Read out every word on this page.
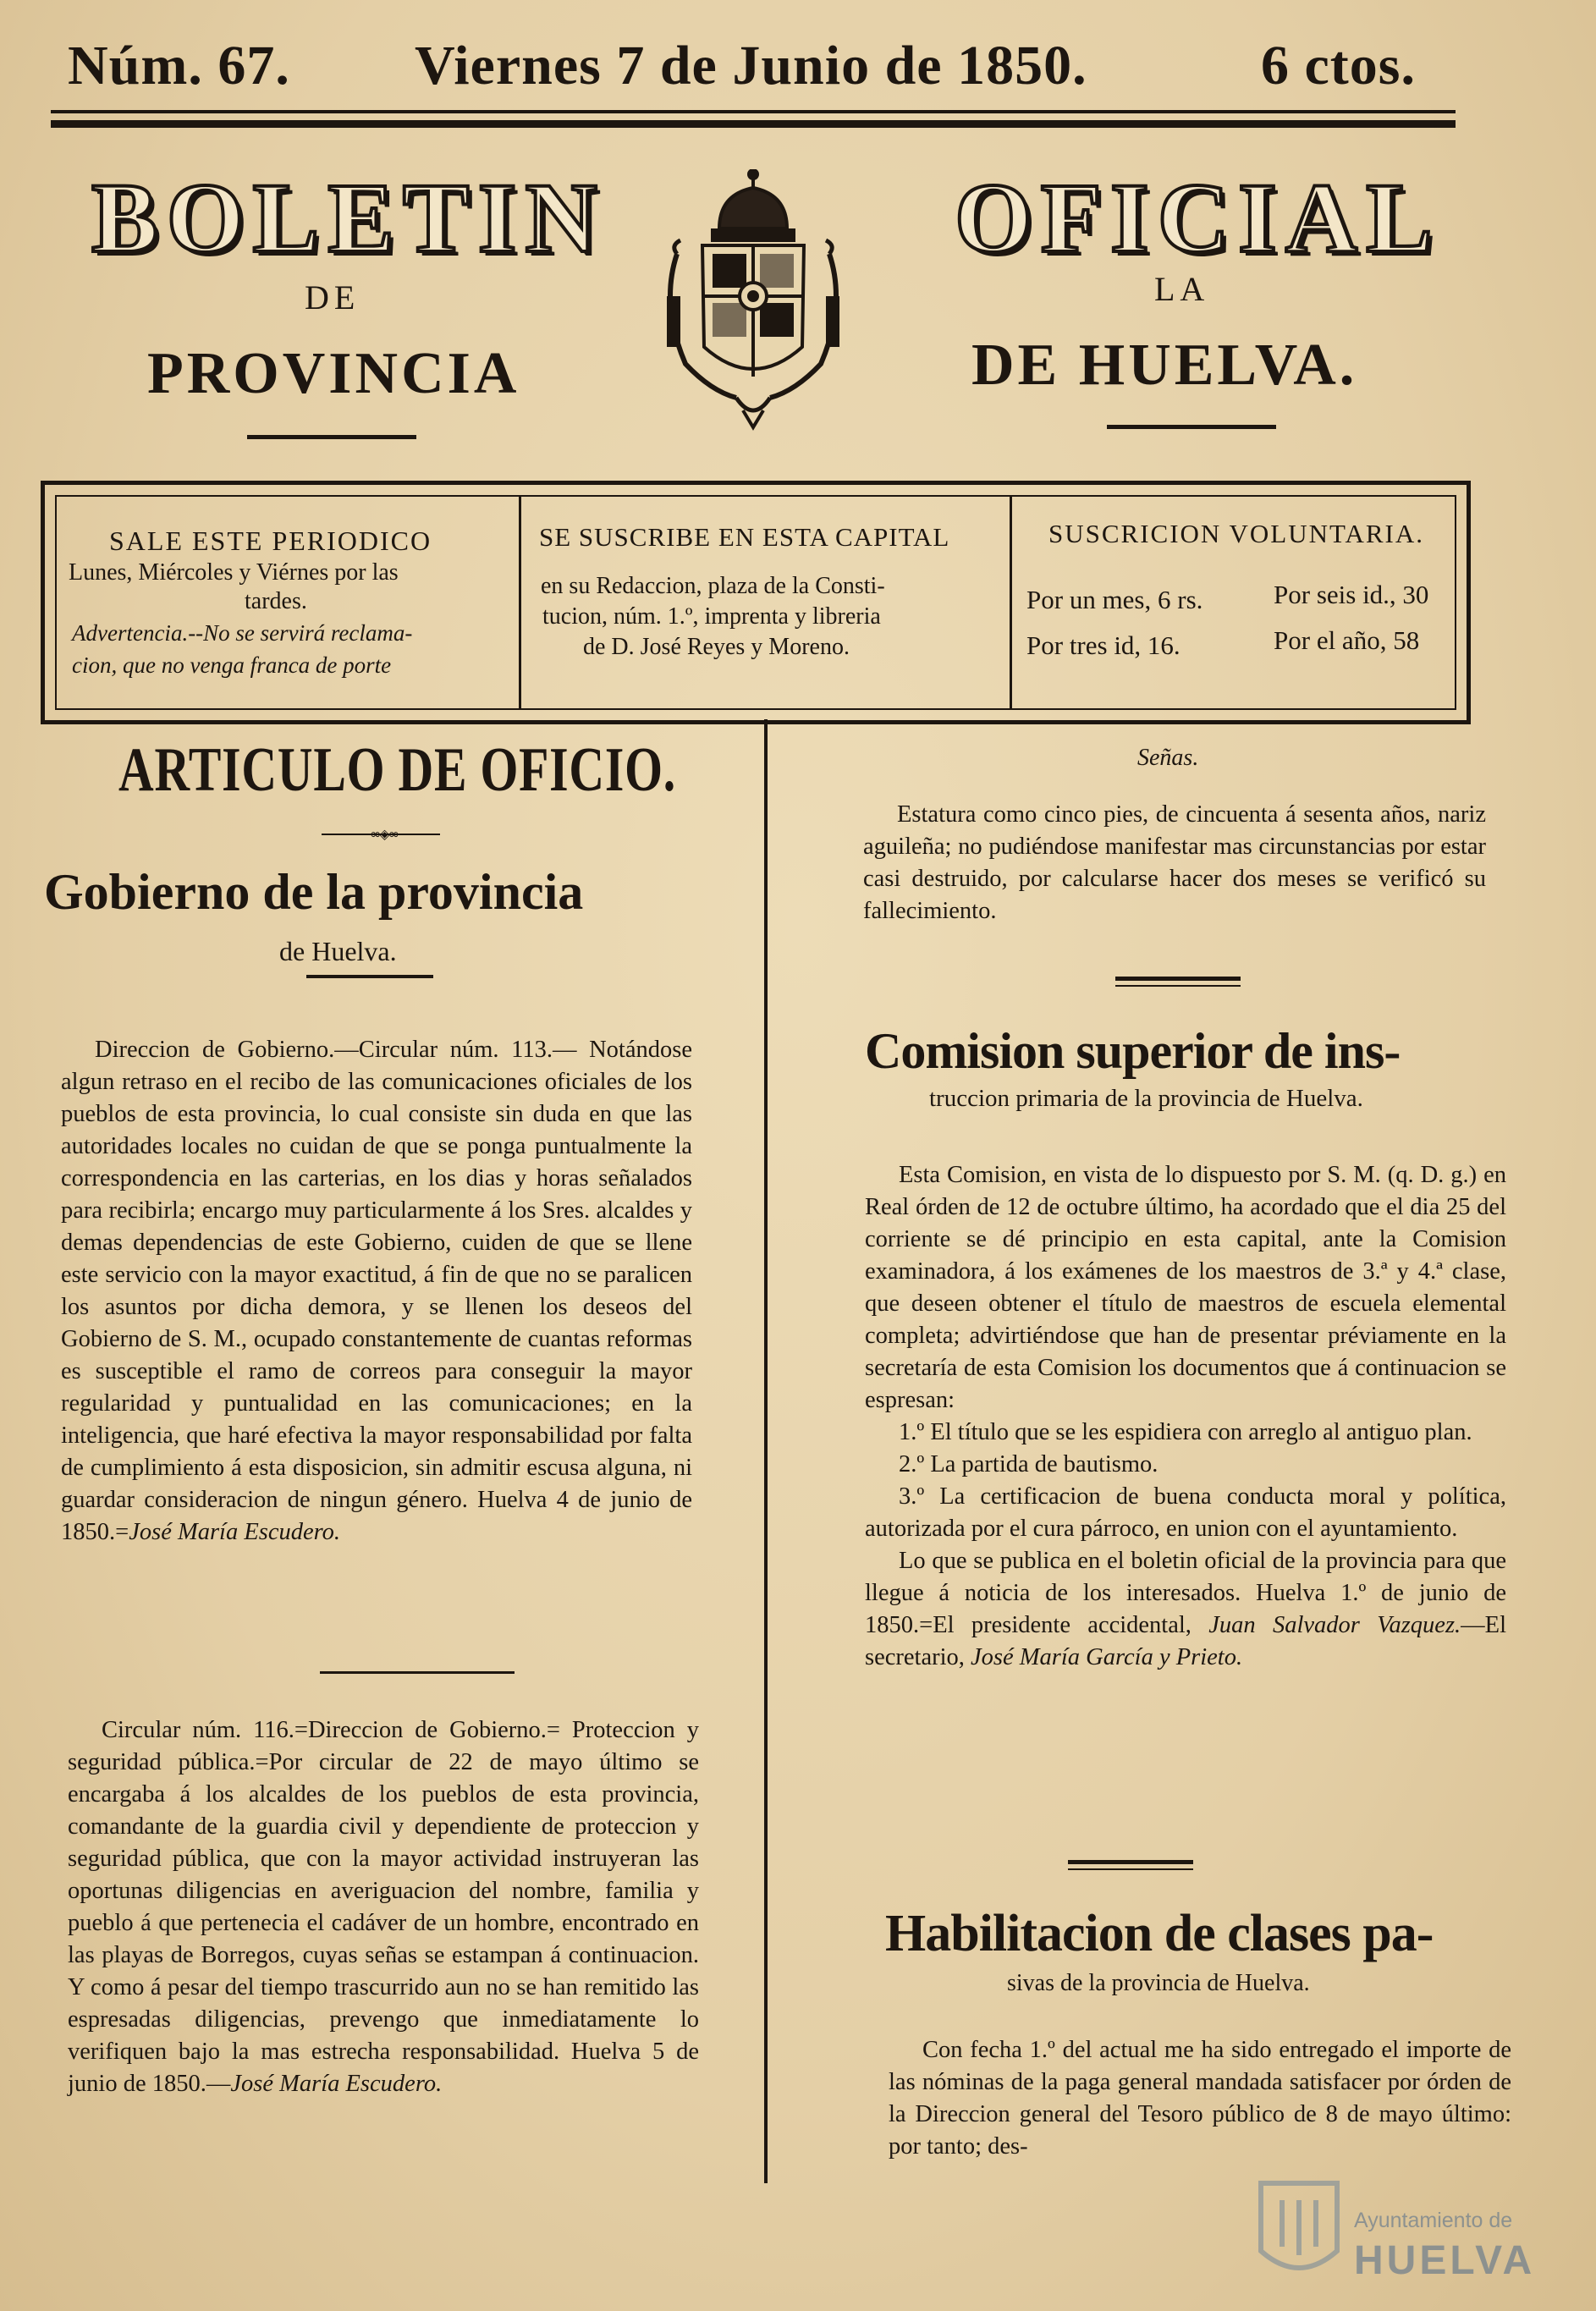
Núm. 67. Viernes 7 de Junio de 1850.	6 ctos.
BOLETIN	OFICIAL
DE	LA
PROVINCIA	DE HUELVA.
SALE ESTE PERIODICO
Lunes, Miércoles y Viérnes por las
tardes.
Advertencia.--No se servirá reclama-
cion, que no venga franca de porte
SE SUSCRIBE EN ESTA CAPITAL
en su Redaccion, plaza de la Consti-
tucion, núm. 1.º, imprenta y libreria
de D. José Reyes y Moreno.
SUSCRICION VOLUNTARIA.
Por un mes, 6 rs.	Por seis id., 30
Por tres id, 16.	Por el año, 58
ARTICULO DE OFICIO.
∞◈∞
Gobierno de la provincia
de Huelva.

Direccion de Gobierno.—Circular núm. 113.— Notándose algun retraso en el recibo de las comunicaciones oficiales de los pueblos de esta provincia, lo cual consiste sin duda en que las autoridades locales no cuidan de que se ponga puntualmente la correspondencia en las carterias, en los dias y horas señalados para recibirla; encargo muy particularmente á los Sres. alcaldes y demas dependencias de este Gobierno, cuiden de que se llene este servicio con la mayor exactitud, á fin de que no se paralicen los asuntos por dicha demora, y se llenen los deseos del Gobierno de S. M., ocupado constantemente de cuantas reformas es susceptible el ramo de correos para conseguir la mayor regularidad y puntualidad en las comunicaciones; en la inteligencia, que haré efectiva la mayor responsabilidad por falta de cumplimiento á esta disposicion, sin admitir escusa alguna, ni guardar consideracion de ningun género. Huelva 4 de junio de 1850.=José María Escudero.

Circular núm. 116.=Direccion de Gobierno.= Proteccion y seguridad pública.=Por circular de 22 de mayo último se encargaba á los alcaldes de los pueblos de esta provincia, comandante de la guardia civil y dependiente de proteccion y seguridad pública, que con la mayor actividad instruyeran las oportunas diligencias en averiguacion del nombre, familia y pueblo á que pertenecia el cadáver de un hombre, encontrado en las playas de Borregos, cuyas señas se estampan á continuacion. Y como á pesar del tiempo trascurrido aun no se han remitido las espresadas diligencias, prevengo que inmediatamente lo verifiquen bajo la mas estrecha responsabilidad. Huelva 5 de junio de 1850.—José María Escudero.

Señas.

Estatura como cinco pies, de cincuenta á sesenta años, nariz aguileña; no pudiéndose manifestar mas circunstancias por estar casi destruido, por calcularse hacer dos meses se verificó su fallecimiento.

Comision superior de ins-
truccion primaria de la provincia de Huelva.

Esta Comision, en vista de lo dispuesto por S. M. (q. D. g.) en Real órden de 12 de octubre último, ha acordado que el dia 25 del corriente se dé principio en esta capital, ante la Comision examinadora, á los exámenes de los maestros de 3.ª y 4.ª clase, que deseen obtener el título de maestros de escuela elemental completa; advirtiéndose que han de presentar préviamente en la secretaría de esta Comision los documentos que á continuacion se espresan:

1.º El título que se les espidiera con arreglo al antiguo plan.

2.º La partida de bautismo.

3.º La certificacion de buena conducta moral y política, autorizada por el cura párroco, en union con el ayuntamiento.

Lo que se publica en el boletin oficial de la provincia para que llegue á noticia de los interesados. Huelva 1.º de junio de 1850.=El presidente accidental, Juan Salvador Vazquez.—El secretario, José María García y Prieto.

Habilitacion de clases pa-
sivas de la provincia de Huelva.

Con fecha 1.º del actual me ha sido entregado el importe de las nóminas de la paga general mandada satisfacer por órden de la Direccion general del Tesoro público de 8 de mayo último: por tanto; des-

Ayuntamiento de
HUELVA
